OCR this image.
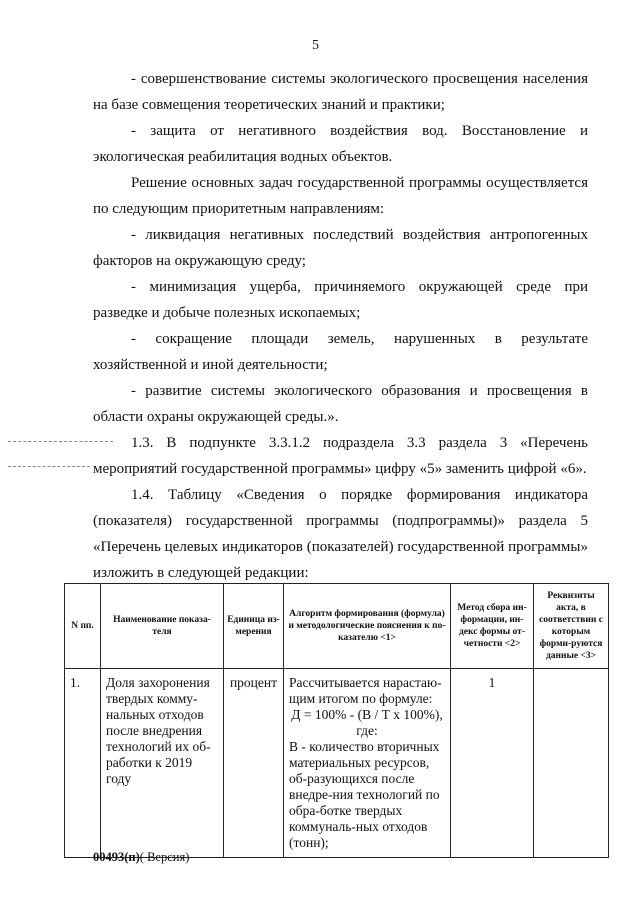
5

- совершенствование системы экологического просвещения населения на базе совмещения теоретических знаний и практики;

- защита от негативного воздействия вод. Восстановление и экологическая реабилитация водных объектов.

Решение основных задач государственной программы осуществляется по следующим приоритетным направлениям:

- ликвидация негативных последствий воздействия антропогенных факторов на окружающую среду;

- минимизация ущерба, причиняемого окружающей среде при разведке и добыче полезных ископаемых;

- сокращение площади земель, нарушенных в результате хозяйственной и иной деятельности;

- развитие системы экологического образования и просвещения в области охраны окружающей среды.».

1.3. В подпункте 3.3.1.2 подраздела 3.3 раздела 3 «Перечень мероприятий государственной программы» цифру «5» заменить цифрой «6».

1.4. Таблицу «Сведения о порядке формирования индикатора (показателя) государственной программы (подпрограммы)» раздела 5 «Перечень целевых индикаторов (показателей) государственной программы» изложить в следующей редакции:

N пп.	Наименование показа-теля	Единица из-мерения	Алгоритм формирования (формула) и методологические пояснения к по-казателю <1>	Метод сбора ин-формации, ин-декс формы от-четности <2>	Реквизиты акта, в соответствии с которым форми-руются данные <3>
1.	Доля захоронения твердых комму-нальных отходов после внедрения технологий их об-работки к 2019 году	процент	Рассчитывается нарастаю-щим итогом по формуле:
Д = 100% - (В / Т х 100%),
где:
В - количество вторичных материальных ресурсов, об-разующихся после внедре-ния технологий по обра-ботке твердых коммуналь-ных отходов (тонн);	1	
00493(п)( Версия)
